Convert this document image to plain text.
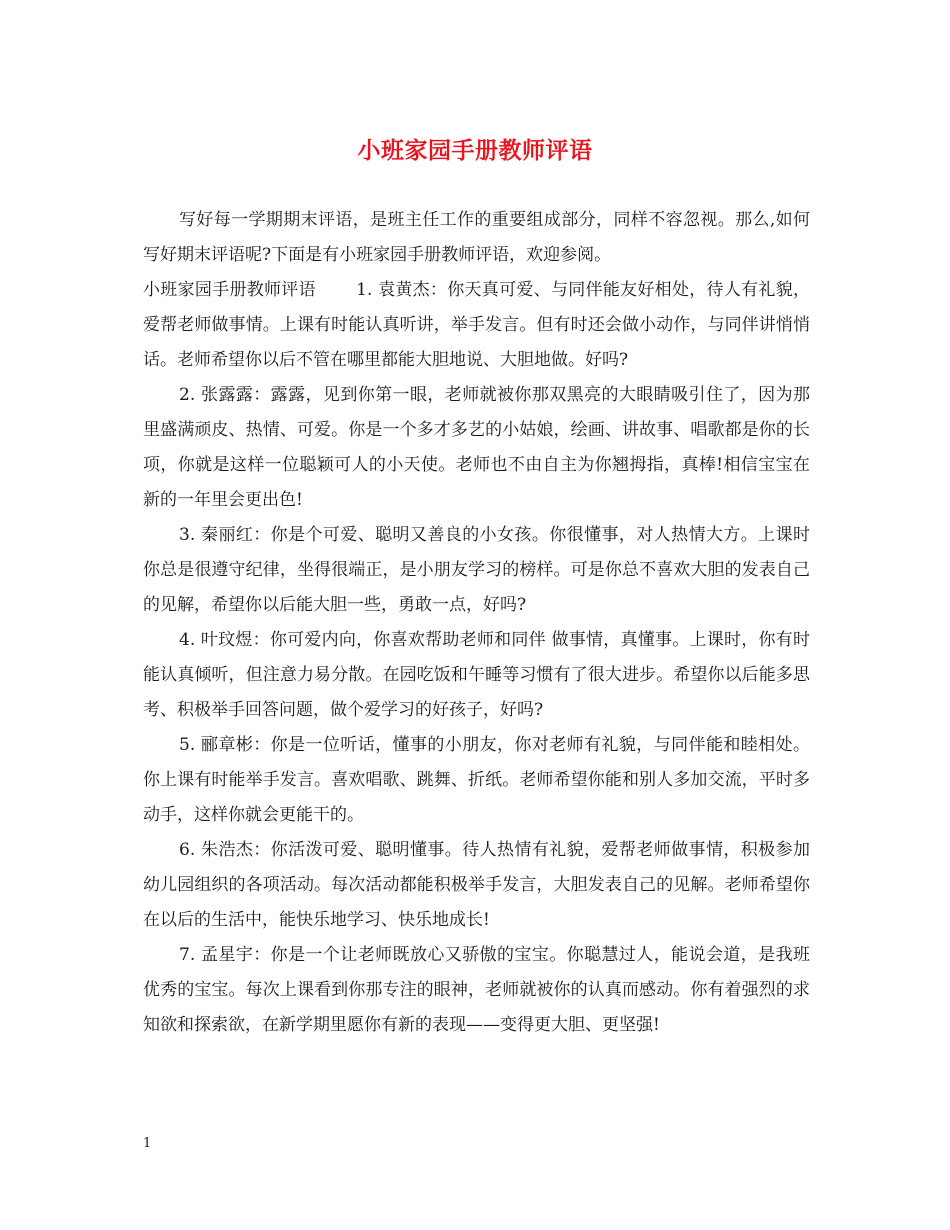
小班家园手册教师评语

写好每一学期期末评语，是班主任工作的重要组成部分，同样不容忽视。那么,如何写好期末评语呢?下面是有小班家园手册教师评语，欢迎参阅。

小班家园手册教师评语　　 1. 袁黄杰：你天真可爱、与同伴能友好相处，待人有礼貌，爱帮老师做事情。上课有时能认真听讲，举手发言。但有时还会做小动作，与同伴讲悄悄话。老师希望你以后不管在哪里都能大胆地说、大胆地做。好吗?

2. 张露露：露露，见到你第一眼，老师就被你那双黑亮的大眼睛吸引住了，因为那里盛满顽皮、热情、可爱。你是一个多才多艺的小姑娘，绘画、讲故事、唱歌都是你的长项，你就是这样一位聪颖可人的小天使。老师也不由自主为你翘拇指，真棒!相信宝宝在新的一年里会更出色!

3. 秦丽红：你是个可爱、聪明又善良的小女孩。你很懂事，对人热情大方。上课时你总是很遵守纪律，坐得很端正，是小朋友学习的榜样。可是你总不喜欢大胆的发表自己的见解，希望你以后能大胆一些，勇敢一点，好吗?

4. 叶玟煜：你可爱内向，你喜欢帮助老师和同伴 做事情，真懂事。上课时，你有时能认真倾听，但注意力易分散。在园吃饭和午睡等习惯有了很大进步。希望你以后能多思考、积极举手回答问题，做个爱学习的好孩子，好吗?

5. 郦章彬：你是一位听话，懂事的小朋友，你对老师有礼貌，与同伴能和睦相处。你上课有时能举手发言。喜欢唱歌、跳舞、折纸。老师希望你能和别人多加交流，平时多动手，这样你就会更能干的。

6. 朱浩杰：你活泼可爱、聪明懂事。待人热情有礼貌，爱帮老师做事情，积极参加幼儿园组织的各项活动。每次活动都能积极举手发言，大胆发表自己的见解。老师希望你在以后的生活中，能快乐地学习、快乐地成长!

7. 孟星宇：你是一个让老师既放心又骄傲的宝宝。你聪慧过人，能说会道，是我班优秀的宝宝。每次上课看到你那专注的眼神，老师就被你的认真而感动。你有着强烈的求知欲和探索欲，在新学期里愿你有新的表现——变得更大胆、更坚强!

1
